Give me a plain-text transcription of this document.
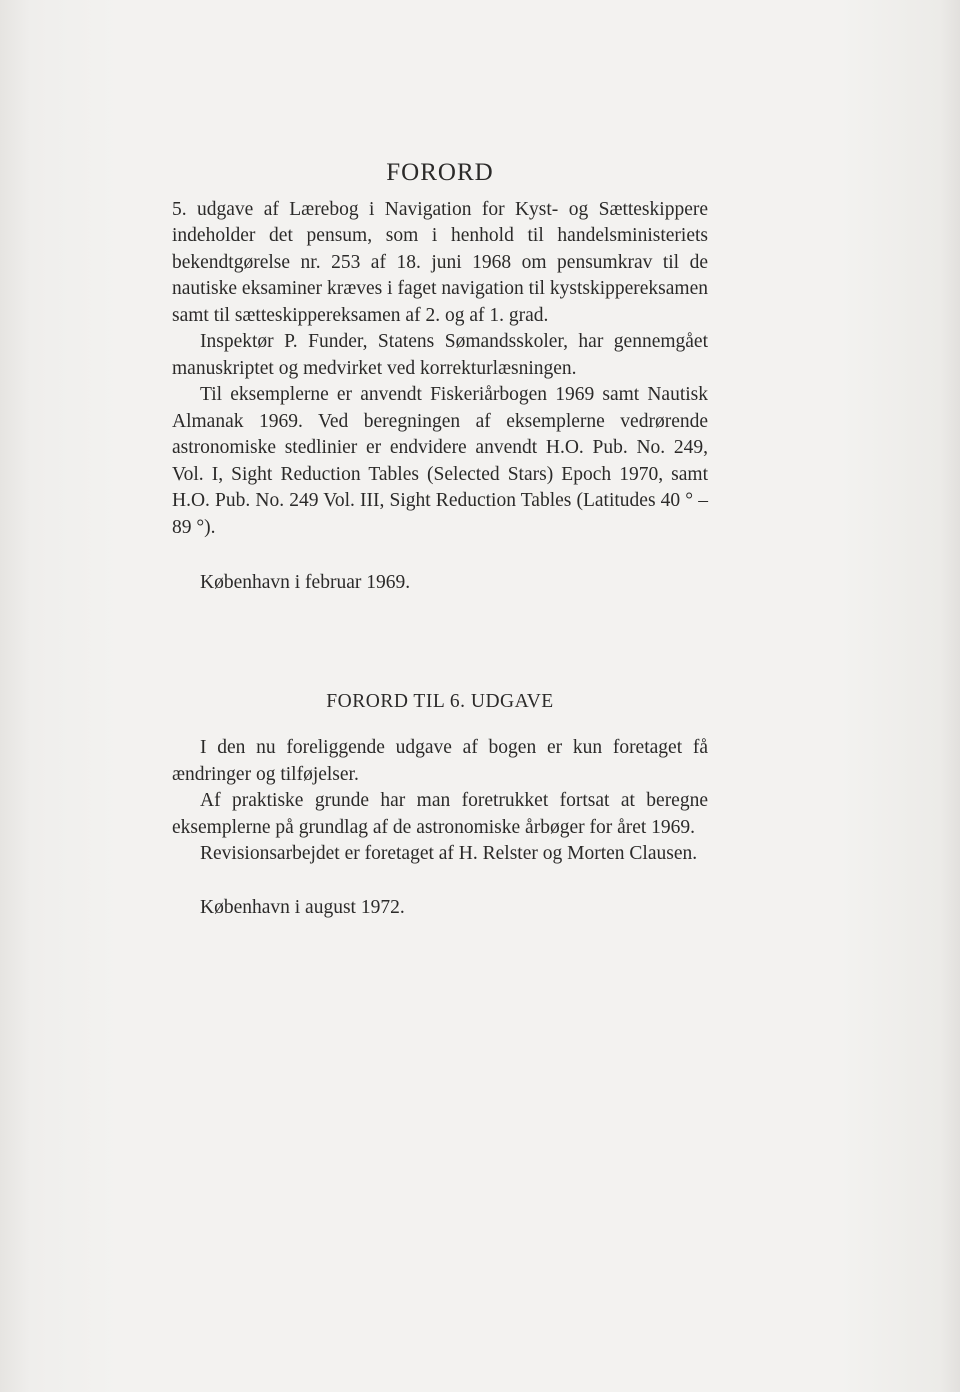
FORORD

5. udgave af Lærebog i Navigation for Kyst- og Sætteskippere indeholder det pensum, som i henhold til handelsministeriets bekendtgørelse nr. 253 af 18. juni 1968 om pensumkrav til de nautiske eksaminer kræves i faget navigation til kystskippereksamen samt til sætteskippereksamen af 2. og af 1. grad.

Inspektør P. Funder, Statens Sømandsskoler, har gennemgået manuskriptet og medvirket ved korrekturlæsningen.

Til eksemplerne er anvendt Fiskeriårbogen 1969 samt Nautisk Almanak 1969. Ved beregningen af eksemplerne vedrørende astronomiske stedlinier er endvidere anvendt H.O. Pub. No. 249, Vol. I, Sight Reduction Tables (Selected Stars) Epoch 1970, samt H.O. Pub. No. 249 Vol. III, Sight Reduction Tables (Latitudes 40 ° – 89 °).

København i februar 1969.

FORORD TIL 6. UDGAVE

I den nu foreliggende udgave af bogen er kun foretaget få ændringer og tilføjelser.

Af praktiske grunde har man foretrukket fortsat at beregne eksemplerne på grundlag af de astronomiske årbøger for året 1969.

Revisionsarbejdet er foretaget af H. Relster og Morten Clausen.

København i august 1972.
